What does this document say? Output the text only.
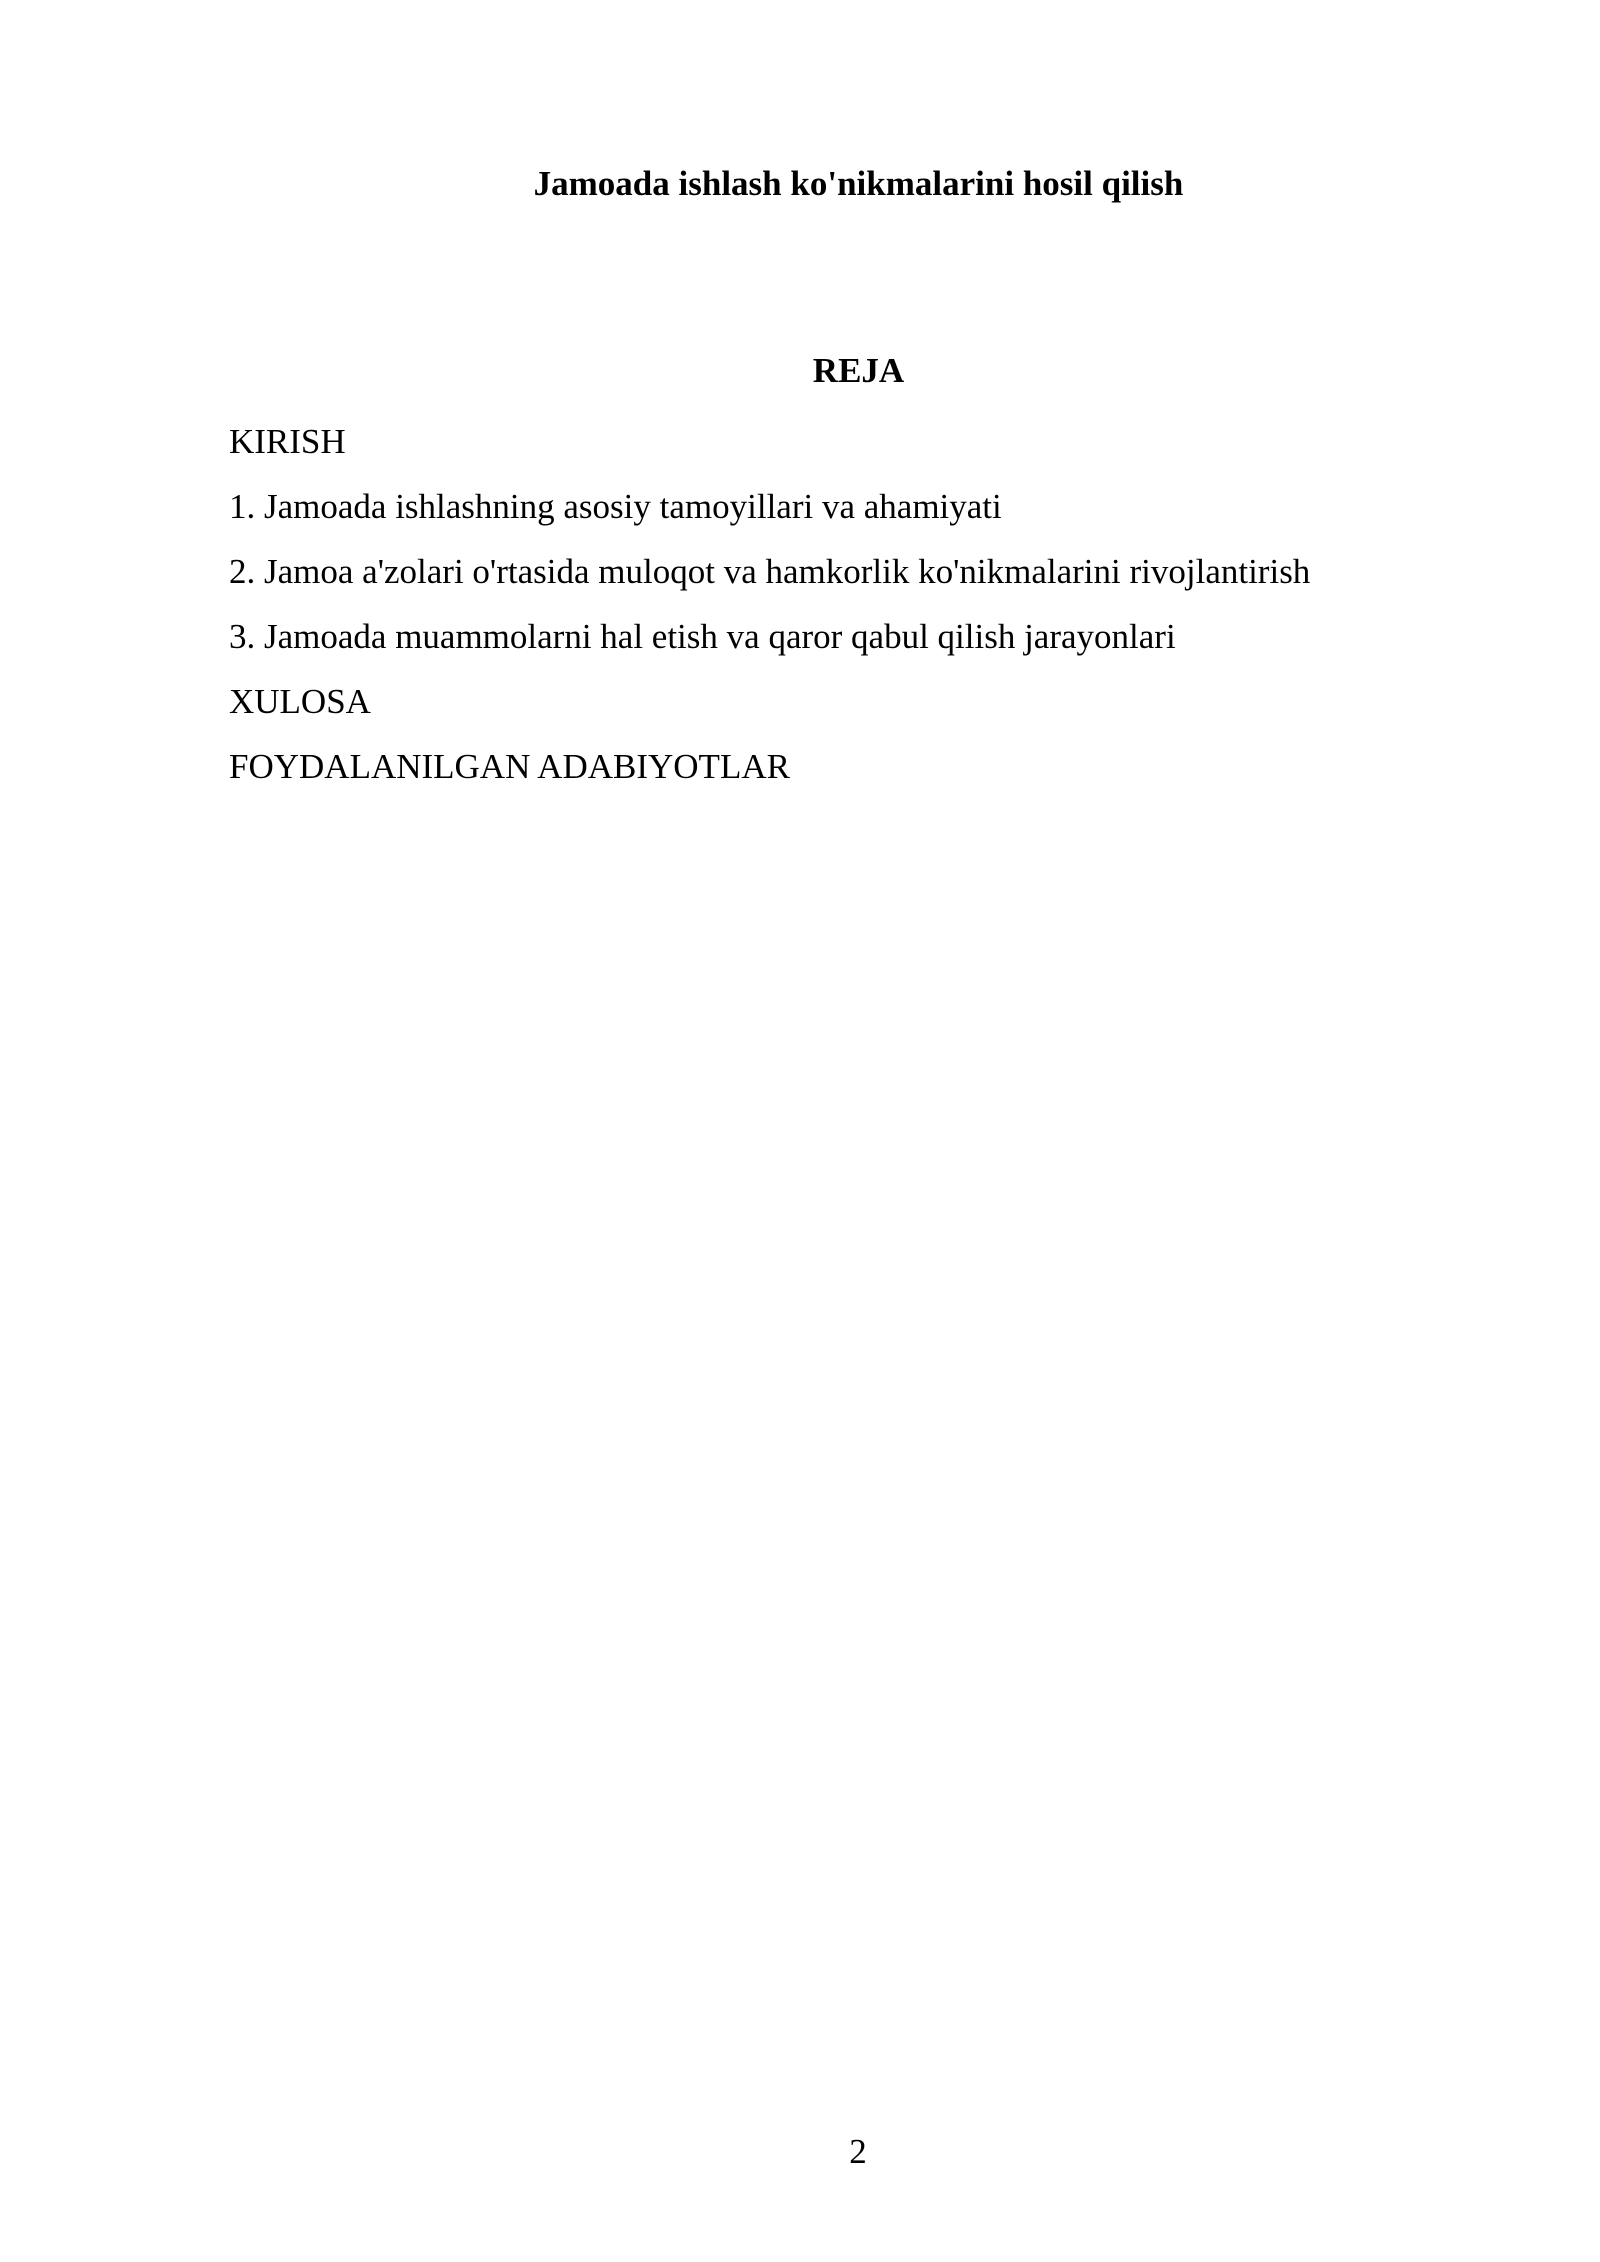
Jamoada ishlash ko'nikmalarini hosil qilish
REJA
KIRISH
1. Jamoada ishlashning asosiy tamoyillari va ahamiyati
2. Jamoa a'zolari o'rtasida muloqot va hamkorlik ko'nikmalarini rivojlantirish
3. Jamoada muammolarni hal etish va qaror qabul qilish jarayonlari
XULOSA
FOYDALANILGAN ADABIYOTLAR
2
